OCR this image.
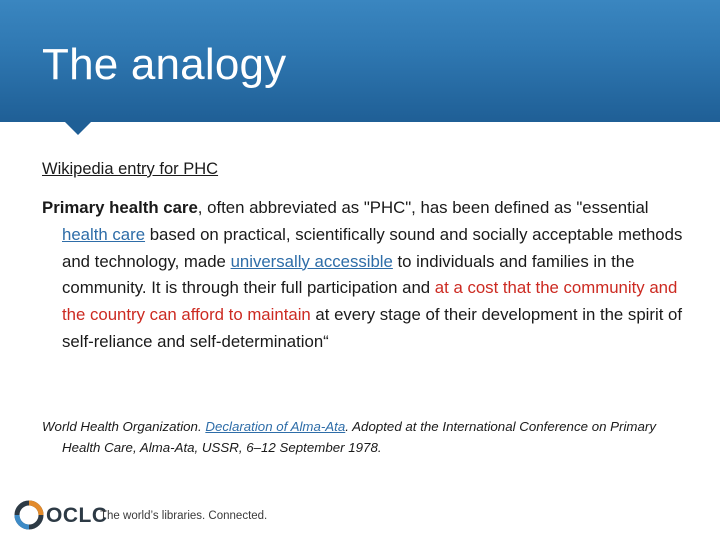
The analogy
Wikipedia entry for PHC

Primary health care, often abbreviated as "PHC", has been defined as "essential health care based on practical, scientifically sound and socially acceptable methods and technology, made universally accessible to individuals and families in the community. It is through their full participation and at a cost that the community and the country can afford to maintain at every stage of their development in the spirit of self-reliance and self-determination“

World Health Organization. Declaration of Alma-Ata. Adopted at the International Conference on Primary Health Care, Alma-Ata, USSR, 6–12 September 1978.

OCLC
The world’s libraries. Connected.
